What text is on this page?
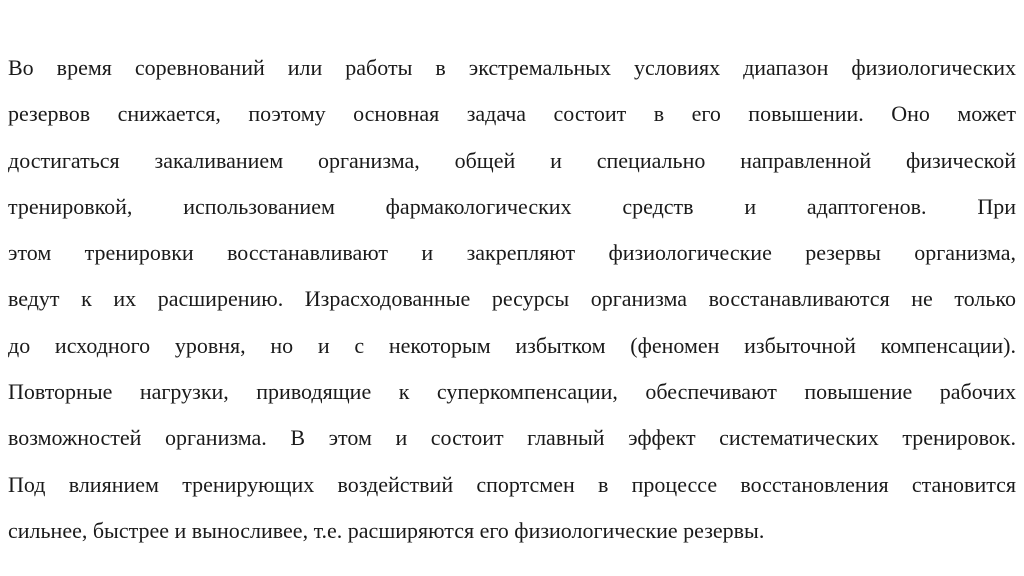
Во время соревнований или работы в экстремальных условиях диапазон физиологических
резервов снижается, поэтому основная задача состоит в его повышении. Оно может
достигаться закаливанием организма, общей и специально направленной физической
тренировкой, использованием фармакологических средств и адаптогенов. При
этом тренировки восстанавливают и закрепляют физиологические резервы организма,
ведут к их расширению. Израсходованные ресурсы организма восстанавливаются не только
до исходного уровня, но и с некоторым избытком (феномен избыточной компенсации).
Повторные нагрузки, приводящие к суперкомпенсации, обеспечивают повышение рабочих
возможностей организма. В этом и состоит главный эффект систематических тренировок.
Под влиянием тренирующих воздействий спортсмен в процессе восстановления становится
сильнее, быстрее и выносливее, т.е. расширяются его физиологические резервы.
